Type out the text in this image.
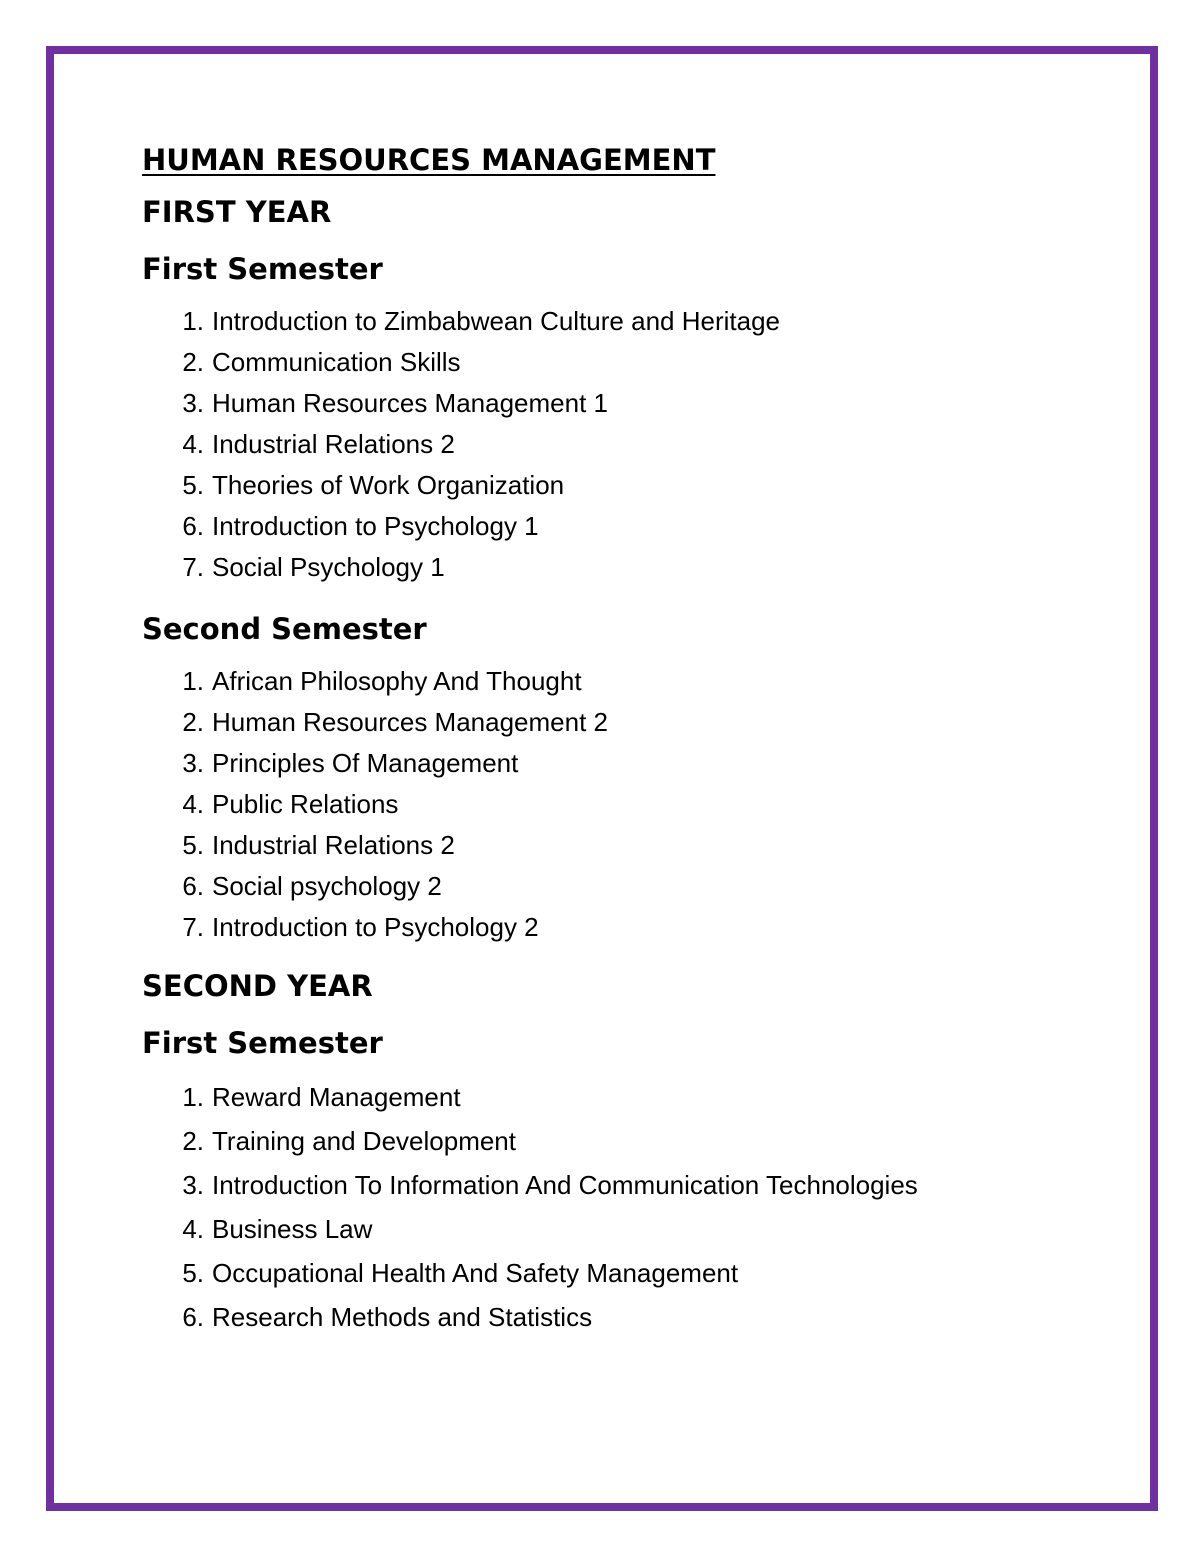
HUMAN RESOURCES MANAGEMENT
FIRST YEAR
First Semester
1. Introduction to Zimbabwean Culture and Heritage
2. Communication Skills
3. Human Resources Management 1
4. Industrial Relations 2
5. Theories of Work Organization
6. Introduction to Psychology 1
7. Social Psychology 1
Second Semester
1. African Philosophy And Thought
2. Human Resources Management 2
3. Principles Of Management
4. Public Relations
5. Industrial Relations 2
6. Social psychology 2
7. Introduction to Psychology 2
SECOND YEAR
First Semester
1. Reward Management
2. Training and Development
3. Introduction To Information And Communication Technologies
4. Business Law
5. Occupational Health And Safety Management
6. Research Methods and Statistics
